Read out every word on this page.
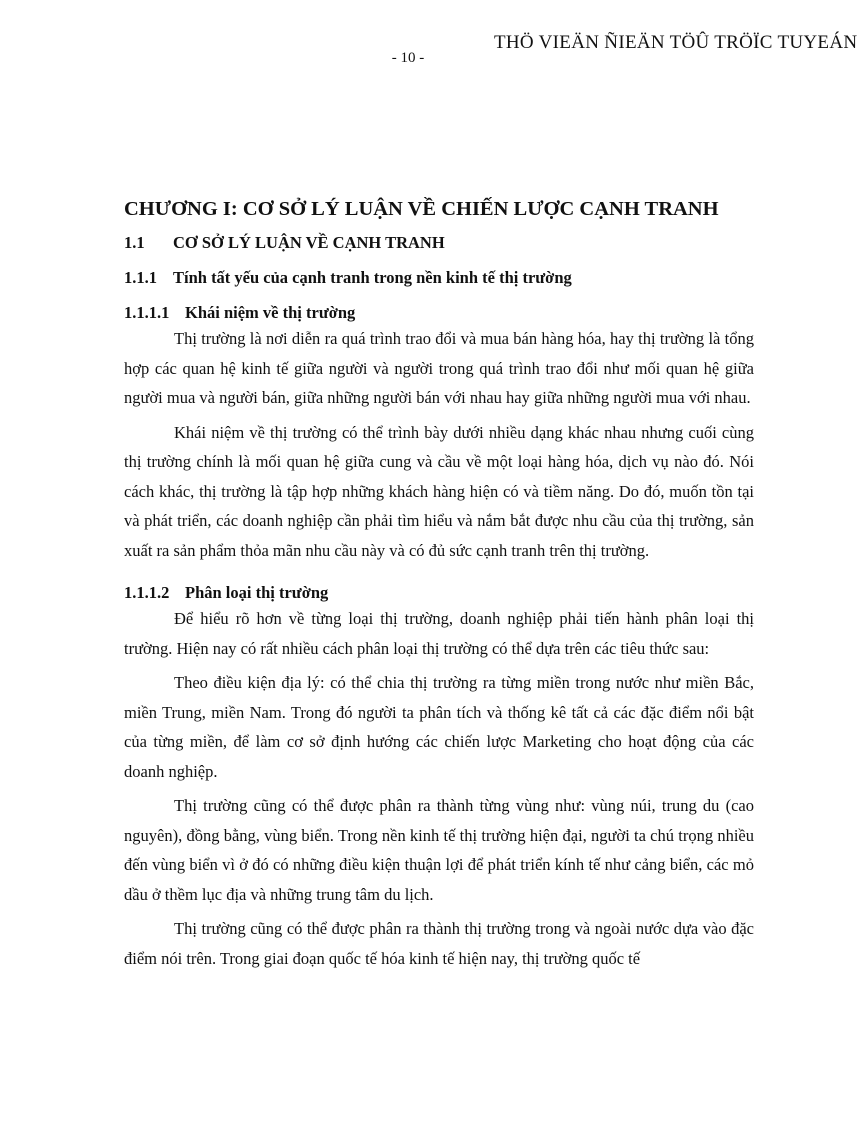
THÖ VIEÄN ÑIEÄN TÖÛ TRÖÏC TUYEÁN
- 10 -
CHƯƠNG I: CƠ SỞ LÝ LUẬN VỀ CHIẾN LƯỢC CẠNH TRANH
1.1 CƠ SỞ LÝ LUẬN VỀ CẠNH TRANH
1.1.1 Tính tất yếu của cạnh tranh trong nền kinh tế thị trường
1.1.1.1 Khái niệm về thị trường

Thị trường là nơi diễn ra quá trình trao đổi và mua bán hàng hóa, hay thị trường là tổng hợp các quan hệ kinh tế giữa người và người trong quá trình trao đổi như mối quan hệ giữa người mua và người bán, giữa những người bán với nhau hay giữa những người mua với nhau.

Khái niệm về thị trường có thể trình bày dưới nhiều dạng khác nhau nhưng cuối cùng thị trường chính là mối quan hệ giữa cung và cầu về một loại hàng hóa, dịch vụ nào đó. Nói cách khác, thị trường là tập hợp những khách hàng hiện có và tiềm năng. Do đó, muốn tồn tại và phát triển, các doanh nghiệp cần phải tìm hiểu và nắm bắt được nhu cầu của thị trường, sản xuất ra sản phẩm thỏa mãn nhu cầu này và có đủ sức cạnh tranh trên thị trường.

1.1.1.2 Phân loại thị trường

Để hiểu rõ hơn về từng loại thị trường, doanh nghiệp phải tiến hành phân loại thị trường. Hiện nay có rất nhiều cách phân loại thị trường có thể dựa trên các tiêu thức sau:

Theo điều kiện địa lý: có thể chia thị trường ra từng miền trong nước như miền Bắc, miền Trung, miền Nam. Trong đó người ta phân tích và thống kê tất cả các đặc điểm nổi bật của từng miền, để làm cơ sở định hướng các chiến lược Marketing cho hoạt động của các doanh nghiệp.

Thị trường cũng có thể được phân ra thành từng vùng như: vùng núi, trung du (cao nguyên), đồng bằng, vùng biển. Trong nền kinh tế thị trường hiện đại, người ta chú trọng nhiều đến vùng biển vì ở đó có những điều kiện thuận lợi để phát triển kính tế như cảng biển, các mỏ dầu ở thềm lục địa và những trung tâm du lịch.

Thị trường cũng có thể được phân ra thành thị trường trong và ngoài nước dựa vào đặc điểm nói trên. Trong giai đoạn quốc tế hóa kinh tế hiện nay, thị trường quốc tế
